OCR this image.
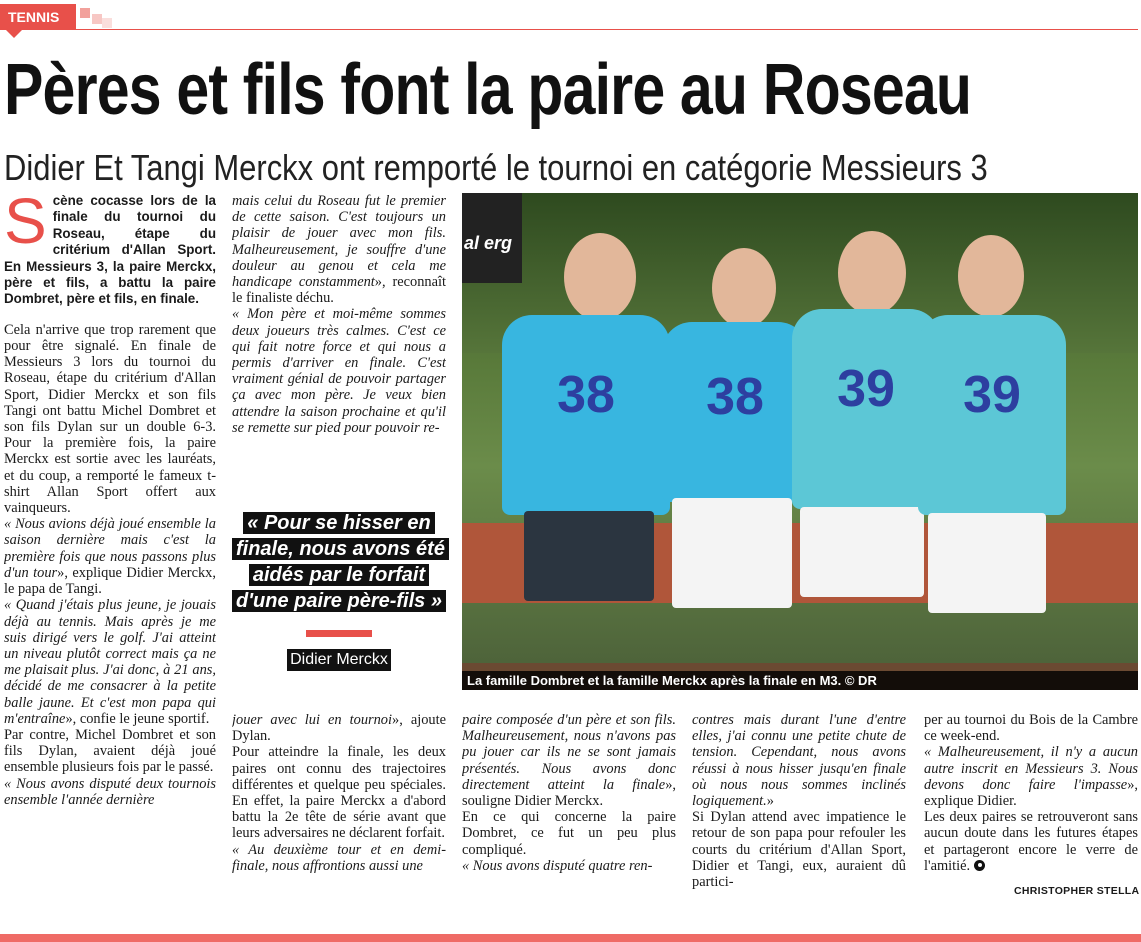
TENNIS
Pères et fils font la paire au Roseau
Didier Et Tangi Merckx ont remporté le tournoi en catégorie Messieurs 3
Scène cocasse lors de la finale du tournoi du Roseau, étape du critérium d'Allan Sport. En Messieurs 3, la paire Merckx, père et fils, a battu la paire Dombret, père et fils, en finale.

Cela n'arrive que trop rarement que pour être signalé. En finale de Messieurs 3 lors du tournoi du Roseau, étape du critérium d'Allan Sport, Didier Merckx et son fils Tangi ont battu Michel Dombret et son fils Dylan sur un double 6-3. Pour la première fois, la paire Merckx est sortie avec les lauréats, et du coup, a remporté le fameux t-shirt Allan Sport offert aux vainqueurs.

« Nous avions déjà joué ensemble la saison dernière mais c'est la première fois que nous passons plus d'un tour», explique Didier Merckx, le papa de Tangi.

« Quand j'étais plus jeune, je jouais déjà au tennis. Mais après je me suis dirigé vers le golf. J'ai atteint un niveau plutôt correct mais ça ne me plaisait plus. J'ai donc, à 21 ans, décidé de me consacrer à la petite balle jaune. Et c'est mon papa qui m'entraîne», confie le jeune sportif.

Par contre, Michel Dombret et son fils Dylan, avaient déjà joué ensemble plusieurs fois par le passé.

« Nous avons disputé deux tournois ensemble l'année dernière

mais celui du Roseau fut le premier de cette saison. C'est toujours un plaisir de jouer avec mon fils. Malheureusement, je souffre d'une douleur au genou et cela me handicape constamment», reconnaît le finaliste déchu.

« Mon père et moi-même sommes deux joueurs très calmes. C'est ce qui fait notre force et qui nous a permis d'arriver en finale. C'est vraiment génial de pouvoir partager ça avec mon père. Je veux bien attendre la saison prochaine et qu'il se remette sur pied pour pouvoir re-

« Pour se hisser en finale, nous avons été aidés par le forfait d'une paire père-fils »
Didier Merckx
al erg
38	38	39	39
La famille Dombret et la famille Merckx après la finale en M3. © DR

jouer avec lui en tournoi», ajoute Dylan.

Pour atteindre la finale, les deux paires ont connu des trajectoires différentes et quelque peu spéciales. En effet, la paire Merckx a d'abord battu la 2e tête de série avant que leurs adversaires ne déclarent forfait.

« Au deuxième tour et en demi-finale, nous affrontions aussi une

paire composée d'un père et son fils. Malheureusement, nous n'avons pas pu jouer car ils ne se sont jamais présentés. Nous avons donc directement atteint la finale», souligne Didier Merckx.

En ce qui concerne la paire Dombret, ce fut un peu plus compliqué.

« Nous avons disputé quatre ren-

contres mais durant l'une d'entre elles, j'ai connu une petite chute de tension. Cependant, nous avons réussi à nous hisser jusqu'en finale où nous nous sommes inclinés logiquement.»

Si Dylan attend avec impatience le retour de son papa pour refouler les courts du critérium d'Allan Sport, Didier et Tangi, eux, auraient dû partici-

per au tournoi du Bois de la Cambre ce week-end.

« Malheureusement, il n'y a aucun autre inscrit en Messieurs 3. Nous devons donc faire l'impasse», explique Didier.

Les deux paires se retrouveront sans aucun doute dans les futures étapes et partageront encore le verre de l'amitié.

CHRISTOPHER STELLA
